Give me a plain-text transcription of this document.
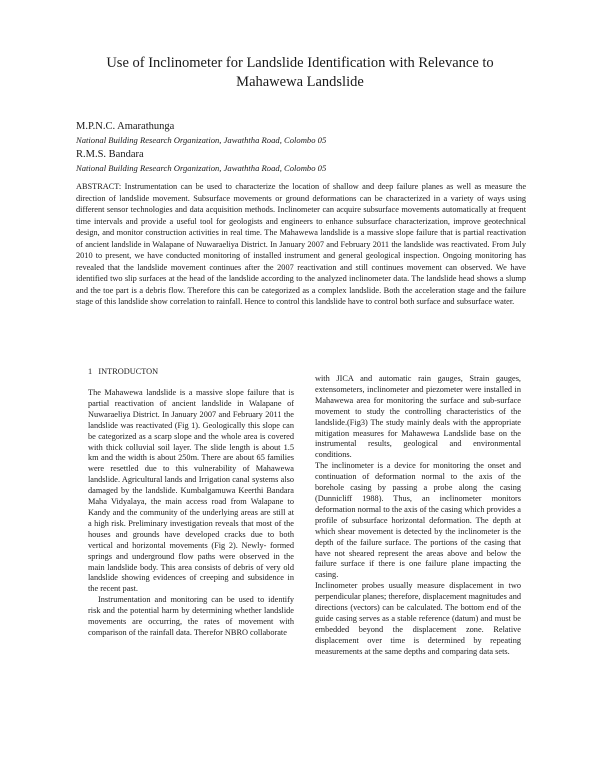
Use of Inclinometer for Landslide Identification with Relevance to Mahawewa Landslide
M.P.N.C. Amarathunga
National Building Research Organization, Jawaththa Road, Colombo 05
R.M.S. Bandara
National Building Research Organization, Jawaththa Road, Colombo 05

ABSTRACT: Instrumentation can be used to characterize the location of shallow and deep failure planes as well as measure the direction of landslide movement. Subsurface movements or ground deformations can be characterized in a variety of ways using different sensor technologies and data acquisition methods. Inclinometer can acquire subsurface movements automatically at frequent time intervals and provide a useful tool for geologists and engineers to enhance subsurface characterization, improve geotechnical design, and monitor construction activities in real time. The Mahawewa landslide is a massive slope failure that is partial reactivation of ancient landslide in Walapane of Nuwaraeliya District. In January 2007 and February 2011 the landslide was reactivated. From July 2010 to present, we have conducted monitoring of installed instrument and general geological inspection. Ongoing monitoring has revealed that the landslide movement continues after the 2007 reactivation and still continues movement can observed. We have identified two slip surfaces at the head of the landslide according to the analyzed inclinometer data. The landslide head shows a slump and the toe part is a debris flow. Therefore this can be categorized as a complex landslide. Both the acceleration stage and the failure stage of this landslide show correlation to rainfall. Hence to control this landslide have to control both surface and subsurface water.

1 INTRODUCTON

The Mahawewa landslide is a massive slope failure that is partial reactivation of ancient landslide in Walapane of Nuwaraeliya District. In January 2007 and February 2011 the landslide was reactivated (Fig 1). Geologically this slope can be categorized as a scarp slope and the whole area is covered with thick colluvial soil layer. The slide length is about 1.5 km and the width is about 250m. There are about 65 families were resettled due to this vulnerability of Mahawewa landslide. Agricultural lands and Irrigation canal systems also damaged by the landslide. Kumbalgamuwa Keerthi Bandara Maha Vidyalaya, the main access road from Walapane to Kandy and the community of the underlying areas are still at a high risk. Preliminary investigation reveals that most of the houses and grounds have developed cracks due to both vertical and horizontal movements (Fig 2). Newly- formed springs and underground flow paths were observed in the main landslide body. This area consists of debris of very old landslide showing evidences of creeping and subsidence in the recent past.

Instrumentation and monitoring can be used to identify risk and the potential harm by determining whether landslide movements are occurring, the rates of movement with comparison of the rainfall data. Therefor NBRO collaborate

with JICA and automatic rain gauges, Strain gauges, extensometers, inclinometer and piezometer were installed in Mahawewa area for monitoring the surface and sub-surface movement to study the controlling characteristics of the landslide.(Fig3) The study mainly deals with the appropriate mitigation measures for Mahawewa Landslide base on the instrumental results, geological and environmental conditions.

The inclinometer is a device for monitoring the onset and continuation of deformation normal to the axis of the borehole casing by passing a probe along the casing (Dunnicliff 1988). Thus, an inclinometer monitors deformation normal to the axis of the casing which provides a profile of subsurface horizontal deformation. The depth at which shear movement is detected by the inclinometer is the depth of the failure surface. The portions of the casing that have not sheared represent the areas above and below the failure surface if there is one failure plane impacting the casing.

Inclinometer probes usually measure displacement in two perpendicular planes; therefore, displacement magnitudes and directions (vectors) can be calculated. The bottom end of the guide casing serves as a stable reference (datum) and must be embedded beyond the displacement zone. Relative displacement over time is determined by repeating measurements at the same depths and comparing data sets.
